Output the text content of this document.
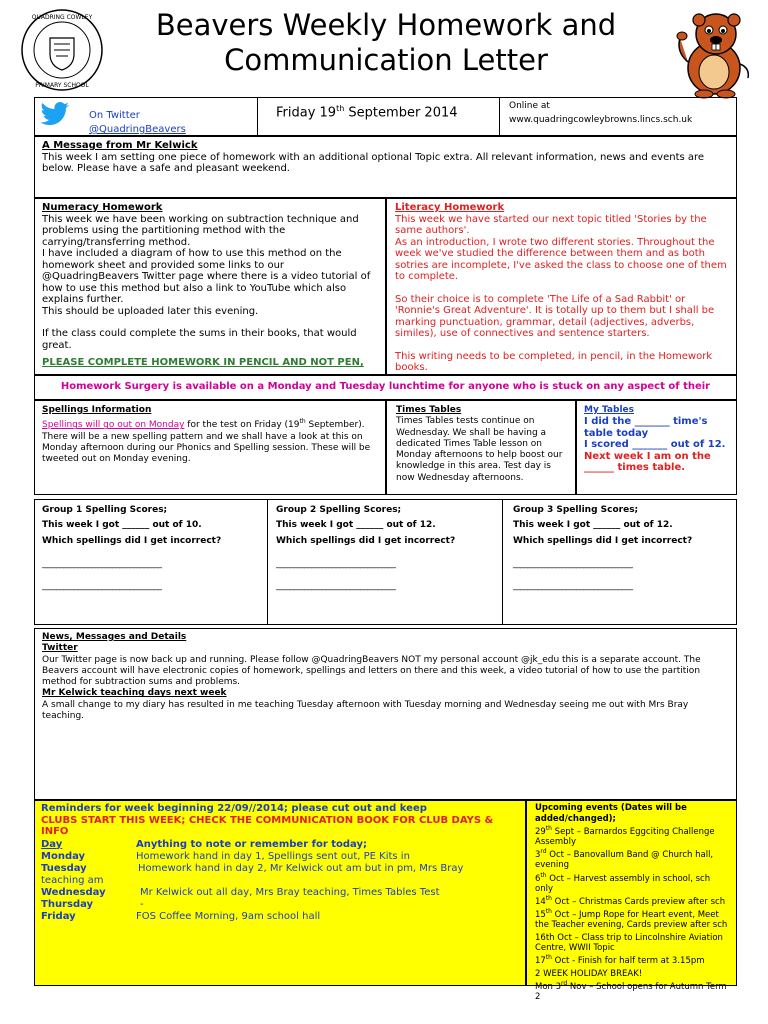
QUADRING COWLEY
PRIMARY SCHOOL
Beavers Weekly Homework and
Communication Letter
On Twitter
@QuadringBeavers
Friday 19th September 2014	Online at
www.quadringcowleybrowns.lincs.sch.uk
A Message from Mr Kelwick
This week I am setting one piece of homework with an additional optional Topic extra. All relevant information, news and events are below. Please have a safe and pleasant weekend.
Numeracy Homework

This week we have been working on subtraction technique and problems using the partitioning method with the carrying/transferring method.

I have included a diagram of how to use this method on the homework sheet and provided some links to our @QuadringBeavers Twitter page where there is a video tutorial of how to use this method but also a link to YouTube which also explains further.

This should be uploaded later this evening.

If the class could complete the sums in their books, that would great.

PLEASE COMPLETE HOMEWORK IN PENCIL AND NOT PEN,

Literacy Homework

This week we have started our next topic titled 'Stories by the same authors'.

As an introduction, I wrote two different stories. Throughout the week we've studied the difference between them and as both sotries are incomplete, I've asked the class to choose one of them to complete.

So their choice is to complete 'The Life of a Sad Rabbit' or 'Ronnie's Great Adventure'. It is totally up to them but I shall be marking punctuation, grammar, detail (adjectives, adverbs, similes), use of connectives and sentence starters.

This writing needs to be completed, in pencil, in the Homework books.

Homework Surgery is available on a Monday and Tuesday lunchtime for anyone who is stuck on any aspect of their
Spellings Information
Spellings will go out on Monday for the test on Friday (19th September). There will be a new spelling pattern and we shall have a look at this on Monday afternoon during our Phonics and Spelling session. These will be tweeted out on Monday evening.
Times Tables
Times Tables tests continue on Wednesday. We shall be having a dedicated Times Table lesson on Monday afternoons to help boost our knowledge in this area. Test day is now Wednesday afternoons.
My Tables
I did the _______ time's table today
I scored _______ out of 12.
Next week I am on the ______ times table.
Group 1 Spelling Scores;
This week I got ______ out of 10.
Which spellings did I get incorrect?
__________________________________
__________________________________
Group 2 Spelling Scores;
This week I got ______ out of 12.
Which spellings did I get incorrect?
__________________________________
__________________________________
Group 3 Spelling Scores;
This week I got ______ out of 12.
Which spellings did I get incorrect?
__________________________________
__________________________________
News, Messages and Details
Twitter
Our Twitter page is now back up and running. Please follow @QuadringBeavers NOT my personal account @jk_edu this is a separate account. The Beavers account will have electronic copies of homework, spellings and letters on there and this week, a video tutorial of how to use the partition method for subtraction sums and problems.
Mr Kelwick teaching days next week
A small change to my diary has resulted in me teaching Tuesday afternoon with Tuesday morning and Wednesday seeing me out with Mrs Bray teaching.
Reminders for week beginning 22/09//2014; please cut out and keep
CLUBS START THIS WEEK; CHECK THE COMMUNICATION BOOK FOR CLUB DAYS & INFO
Day	Anything to note or remember for today;
Monday	Homework hand in day 1, Spellings sent out, PE Kits in
Tuesday	Homework hand in day 2, Mr Kelwick out am but in pm, Mrs Bray
teaching am
Wednesday	Mr Kelwick out all day, Mrs Bray teaching, Times Tables Test
Thursday	-
Friday	FOS Coffee Morning, 9am school hall
Upcoming events (Dates will be added/changed);
29th Sept – Barnardos Eggciting Challenge Assembly
3rd Oct – Banovallum Band @ Church hall, evening
6th Oct – Harvest assembly in school, sch only
14th Oct – Christmas Cards preview after sch
15th Oct – Jump Rope for Heart event, Meet the Teacher evening, Cards preview after sch
16th Oct – Class trip to Lincolnshire Aviation Centre, WWII Topic
17th Oct - Finish for half term at 3.15pm
2 WEEK HOLIDAY BREAK!
Mon 3rd Nov – School opens for Autumn Term 2
